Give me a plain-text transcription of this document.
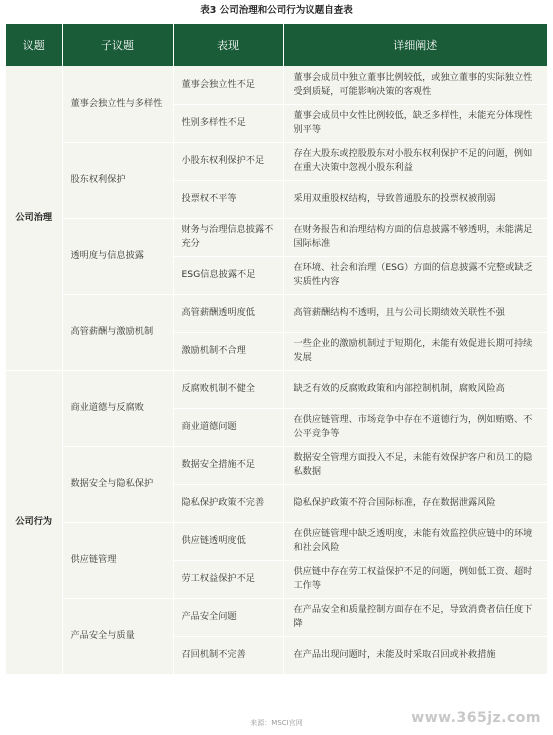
表3 公司治理和公司行为议题自查表
议题	子议题	表现	详细阐述
公司治理	董事会独立性与多样性	董事会独立性不足	董事会成员中独立董事比例较低，或独立董事的实际独立性受到质疑，可能影响决策的客观性
		性别多样性不足	董事会成员中女性比例较低，缺乏多样性，未能充分体现性别平等
	股东权利保护	小股东权利保护不足	存在大股东或控股股东对小股东权利保护不足的问题，例如在重大决策中忽视小股东利益
		投票权不平等	采用双重股权结构，导致普通股东的投票权被削弱
	透明度与信息披露	财务与治理信息披露不充分	在财务报告和治理结构方面的信息披露不够透明，未能满足国际标准
		ESG信息披露不足	在环境、社会和治理（ESG）方面的信息披露不完整或缺乏实质性内容
	高管薪酬与激励机制	高管薪酬透明度低	高管薪酬结构不透明，且与公司长期绩效关联性不强
		激励机制不合理	一些企业的激励机制过于短期化，未能有效促进长期可持续发展
公司行为	商业道德与反腐败	反腐败机制不健全	缺乏有效的反腐败政策和内部控制机制，腐败风险高
		商业道德问题	在供应链管理、市场竞争中存在不道德行为，例如贿赂、不公平竞争等
	数据安全与隐私保护	数据安全措施不足	数据安全管理方面投入不足，未能有效保护客户和员工的隐私数据
		隐私保护政策不完善	隐私保护政策不符合国际标准，存在数据泄露风险
	供应链管理	供应链透明度低	在供应链管理中缺乏透明度，未能有效监控供应链中的环境和社会风险
		劳工权益保护不足	供应链中存在劳工权益保护不足的问题，例如低工资、超时工作等
	产品安全与质量	产品安全问题	在产品安全和质量控制方面存在不足，导致消费者信任度下降
		召回机制不完善	在产品出现问题时，未能及时采取召回或补救措施
来源：MSCI官网	www.365jz.com
